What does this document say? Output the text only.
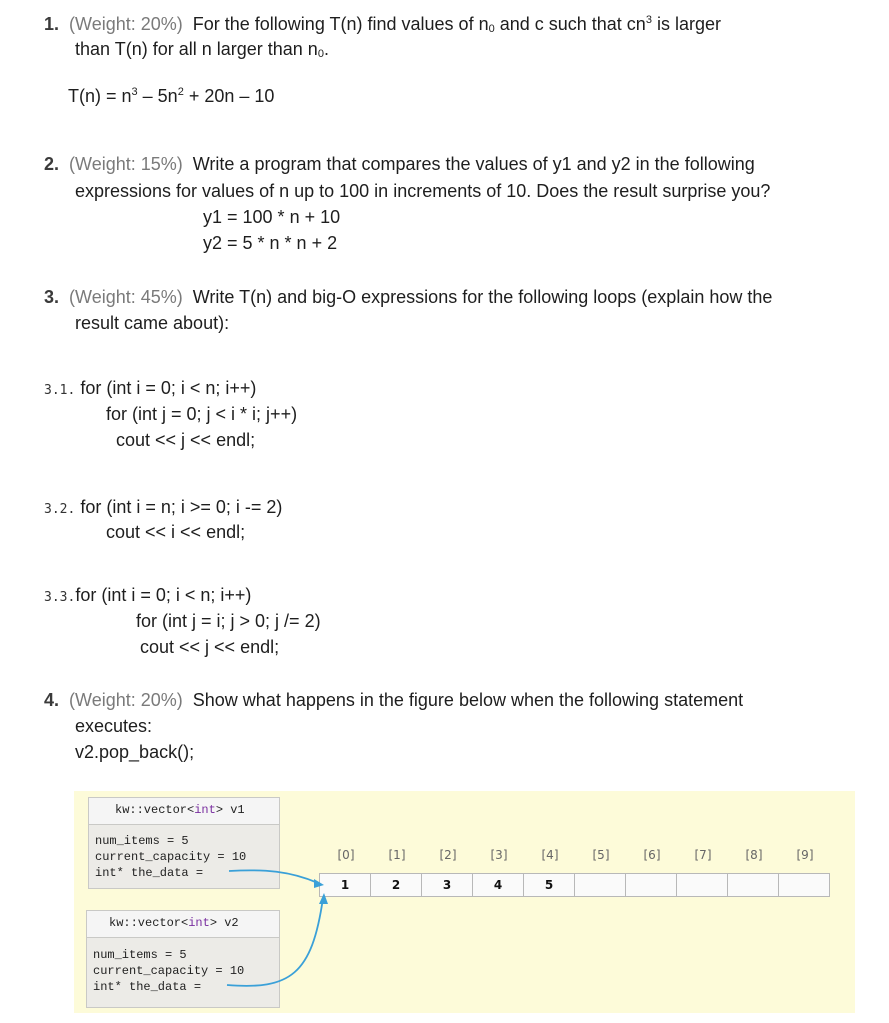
1. (Weight: 20%) For the following T(n) find values of $n_0$ and c such that $cn^3$ is larger
than T(n) for all n larger than $n_0$.
$T(n) = n^3 - 5n^2 + 20n - 10$
2. (Weight: 15%) Write a program that compares the values of y1 and y2 in the following
expressions for values of n up to 100 in increments of 10. Does the result surprise you?
y1 = 100 * n + 10
y2 = 5 * n * n + 2
3. (Weight: 45%) Write T(n) and big-O expressions for the following loops (explain how the
result came about):
3.1. for (int i = 0; i < n; i++)
for (int j = 0; j < i * i; j++)
cout << j << endl;
3.2. for (int i = n; i >= 0; i -= 2)
cout << i << endl;
3.3.for (int i = 0; i < n; i++)
for (int j = i; j > 0; j /= 2)
cout << j << endl;
4. (Weight: 20%) Show what happens in the figure below when the following statement
executes:
v2.pop_back();
kw::vector<int> v1
num_items = 5
current_capacity = 10
int* the_data =
kw::vector<int> v2
num_items = 5
current_capacity = 10
int* the_data =
[0]	[1]	[2]	[3]	[4]	[5]	[6]	[7]	[8]	[9]
1	2	3	4	5
